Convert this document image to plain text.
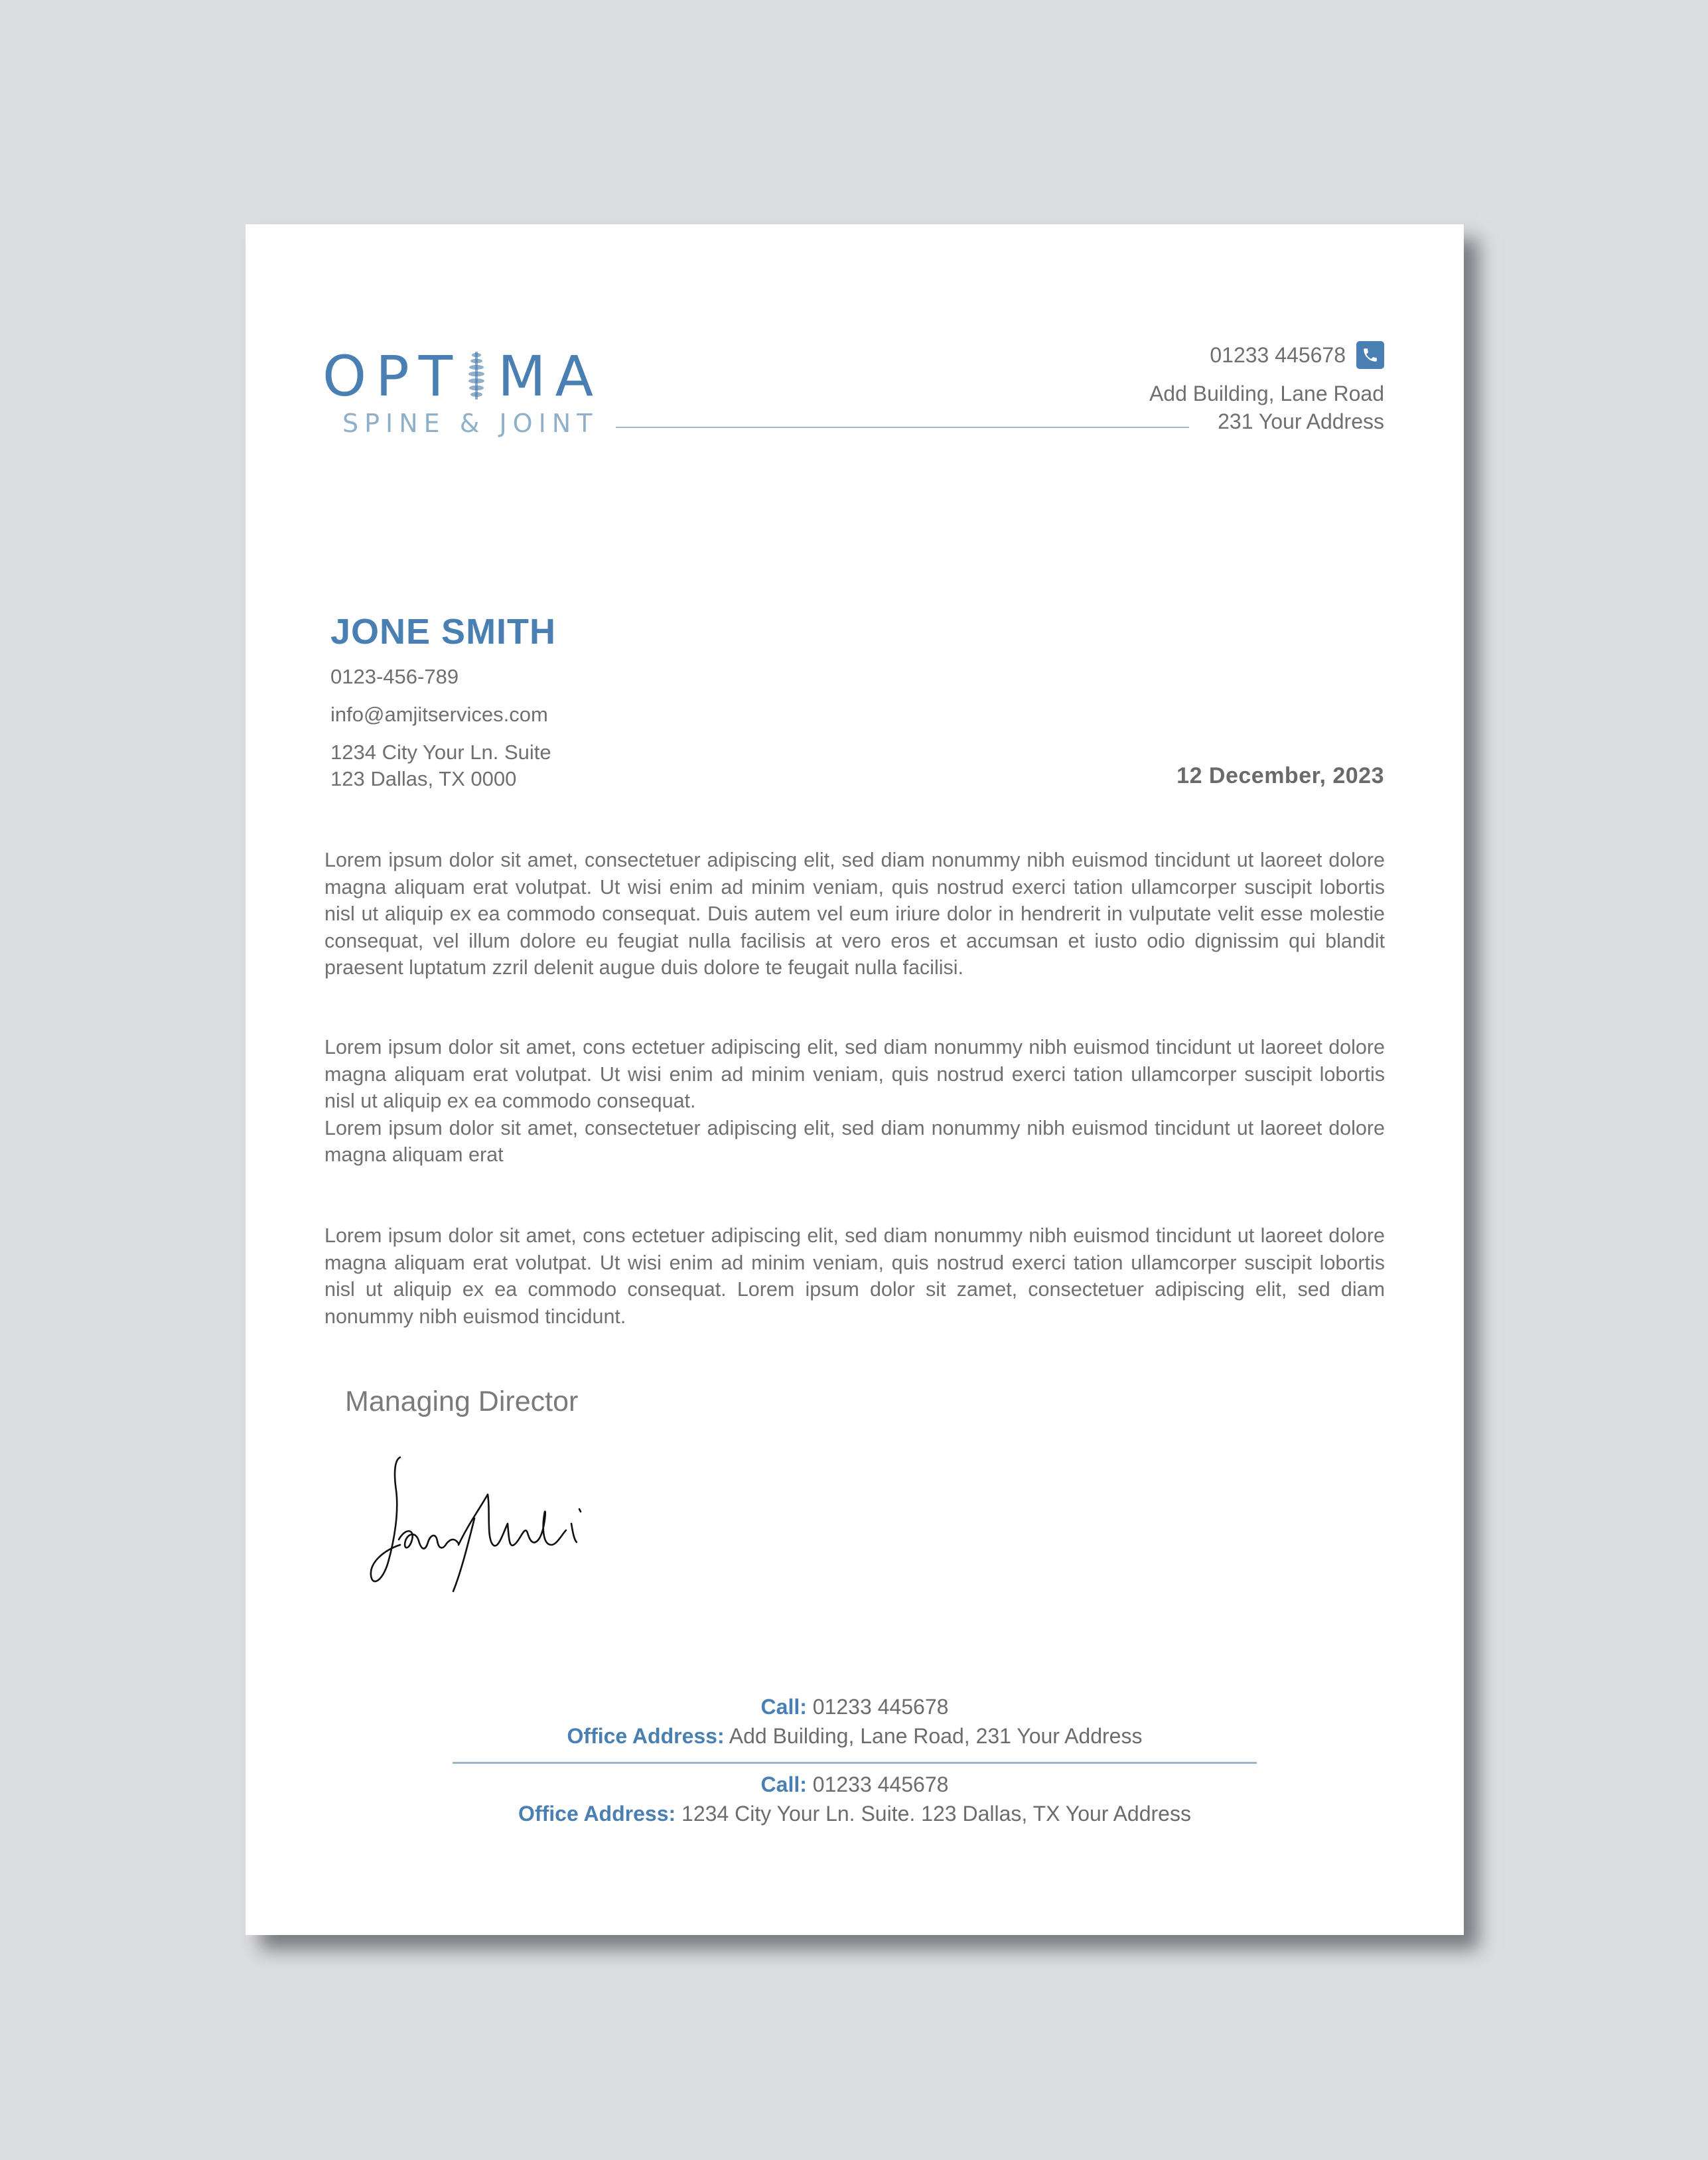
OPT MA
SPINE & JOINT
01233 445678
Add Building, Lane Road
231 Your Address
JONE SMITH
0123-456-789
info@amjitservices.com
1234 City Your Ln. Suite
123 Dallas, TX 0000	12 December, 2023
Lorem ipsum dolor sit amet, consectetuer adipiscing elit, sed diam nonummy nibh euismod tincidunt ut laoreet dolore magna aliquam erat volutpat. Ut wisi enim ad minim veniam, quis nostrud exerci tation ullamcorper suscipit lobortis nisl ut aliquip ex ea commodo consequat. Duis autem vel eum iriure dolor in hendrerit in vulputate velit esse molestie consequat, vel illum dolore eu feugiat nulla facilisis at vero eros et accumsan et iusto odio dignissim qui blandit praesent luptatum zzril delenit augue duis dolore te feugait nulla facilisi.
Lorem ipsum dolor sit amet, cons ectetuer adipiscing elit, sed diam nonummy nibh euismod tincidunt ut laoreet dolore magna aliquam erat volutpat. Ut wisi enim ad minim veniam, quis nostrud exerci tation ullamcorper suscipit lobortis nisl ut aliquip ex ea commodo consequat.
Lorem ipsum dolor sit amet, consectetuer adipiscing elit, sed diam nonummy nibh euismod tincidunt ut laoreet dolore magna aliquam erat
Lorem ipsum dolor sit amet, cons ectetuer adipiscing elit, sed diam nonummy nibh euismod tincidunt ut laoreet dolore magna aliquam erat volutpat. Ut wisi enim ad minim veniam, quis nostrud exerci tation ullamcorper suscipit lobortis nisl ut aliquip ex ea commodo consequat. Lorem ipsum dolor sit zamet, consectetuer adipiscing elit, sed diam nonummy nibh euismod tincidunt.
Managing Director
Call: 01233 445678
Office Address: Add Building, Lane Road, 231 Your Address
Call: 01233 445678
Office Address: 1234 City Your Ln. Suite. 123 Dallas, TX Your Address
